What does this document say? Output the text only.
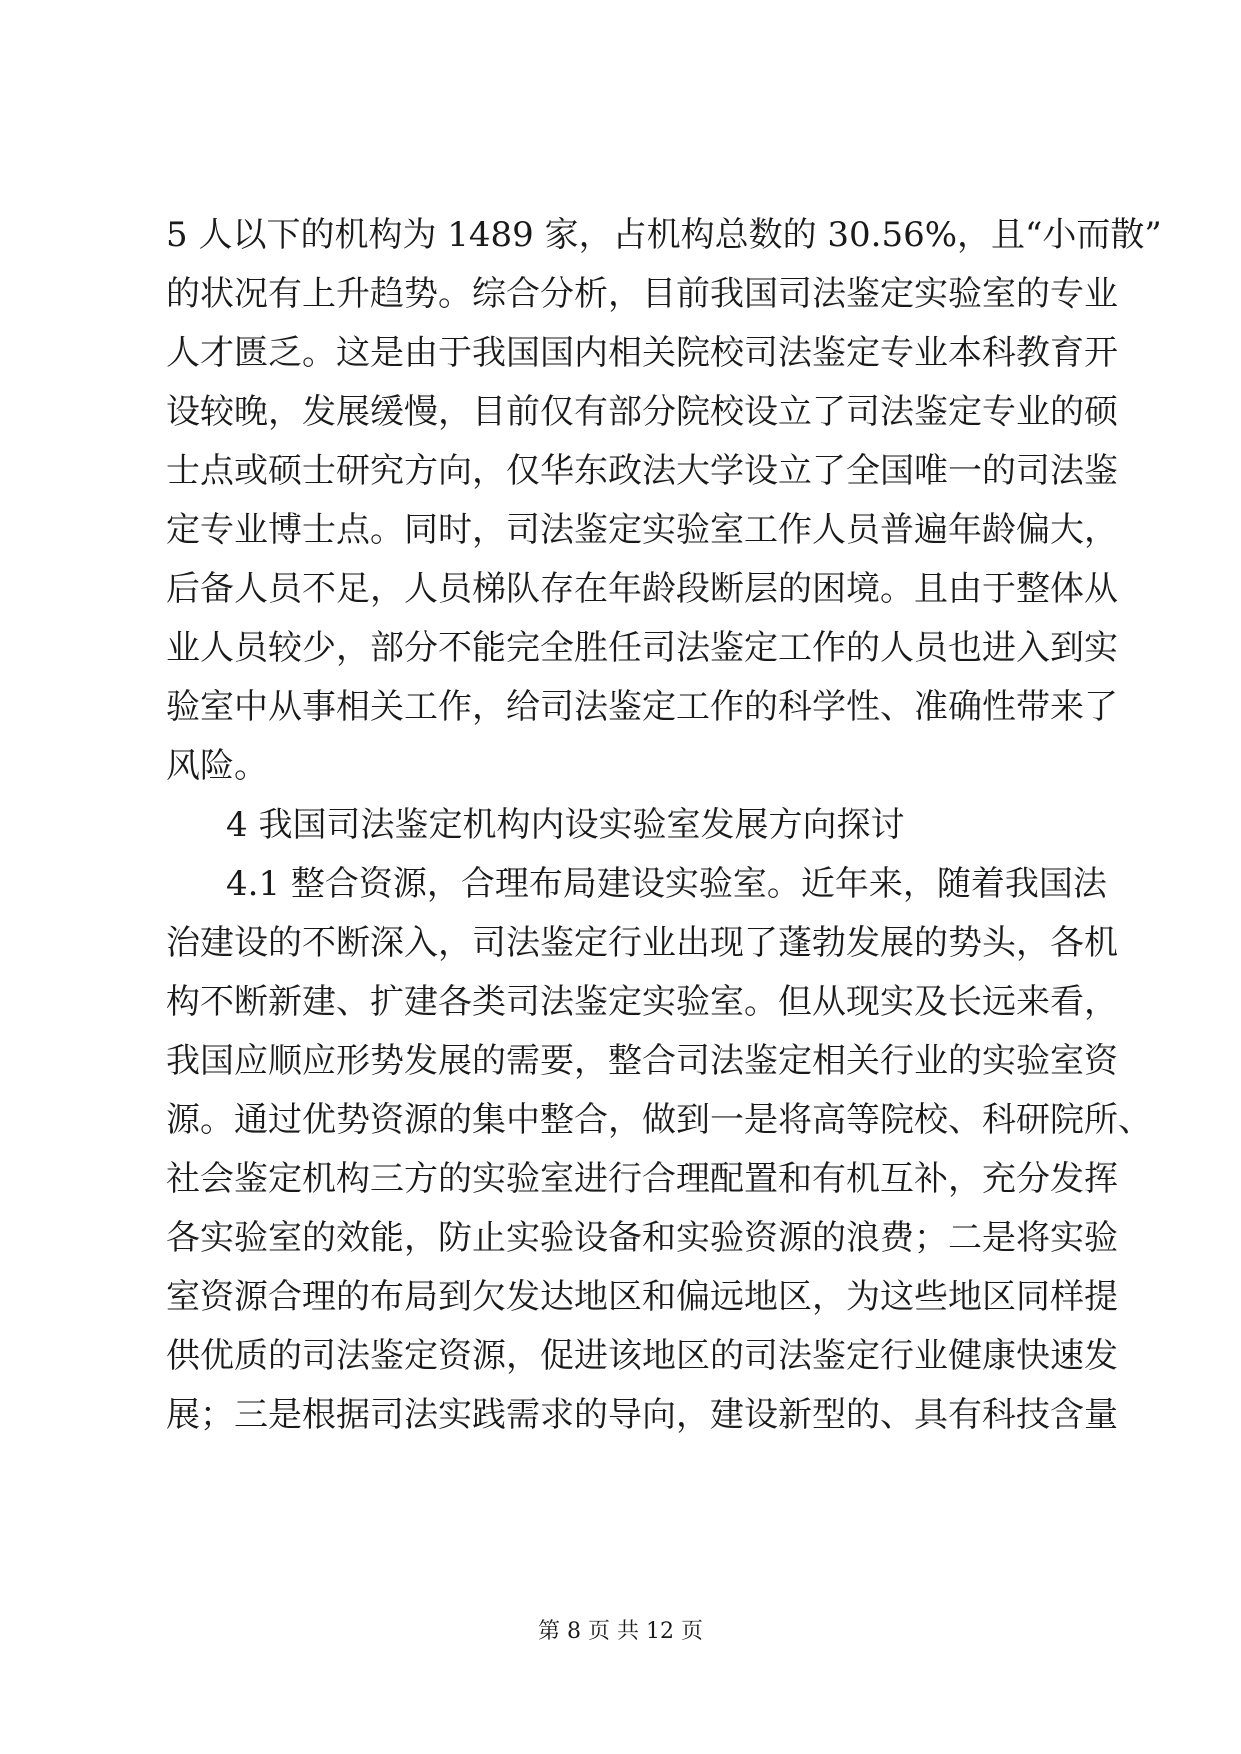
5 人以下的机构为 1489 家，占机构总数的 30.56%，且“小而散”
的状况有上升趋势。综合分析，目前我国司法鉴定实验室的专业
人才匮乏。这是由于我国国内相关院校司法鉴定专业本科教育开
设较晚，发展缓慢，目前仅有部分院校设立了司法鉴定专业的硕
士点或硕士研究方向，仅华东政法大学设立了全国唯一的司法鉴
定专业博士点。同时，司法鉴定实验室工作人员普遍年龄偏大，
后备人员不足，人员梯队存在年龄段断层的困境。且由于整体从
业人员较少，部分不能完全胜任司法鉴定工作的人员也进入到实
验室中从事相关工作，给司法鉴定工作的科学性、准确性带来了
风险。
4 我国司法鉴定机构内设实验室发展方向探讨
4.1 整合资源，合理布局建设实验室。近年来，随着我国法
治建设的不断深入，司法鉴定行业出现了蓬勃发展的势头，各机
构不断新建、扩建各类司法鉴定实验室。但从现实及长远来看，
我国应顺应形势发展的需要，整合司法鉴定相关行业的实验室资
源。通过优势资源的集中整合，做到一是将高等院校、科研院所、
社会鉴定机构三方的实验室进行合理配置和有机互补，充分发挥
各实验室的效能，防止实验设备和实验资源的浪费；二是将实验
室资源合理的布局到欠发达地区和偏远地区，为这些地区同样提
供优质的司法鉴定资源，促进该地区的司法鉴定行业健康快速发
展；三是根据司法实践需求的导向，建设新型的、具有科技含量
第 8 页 共 12 页
